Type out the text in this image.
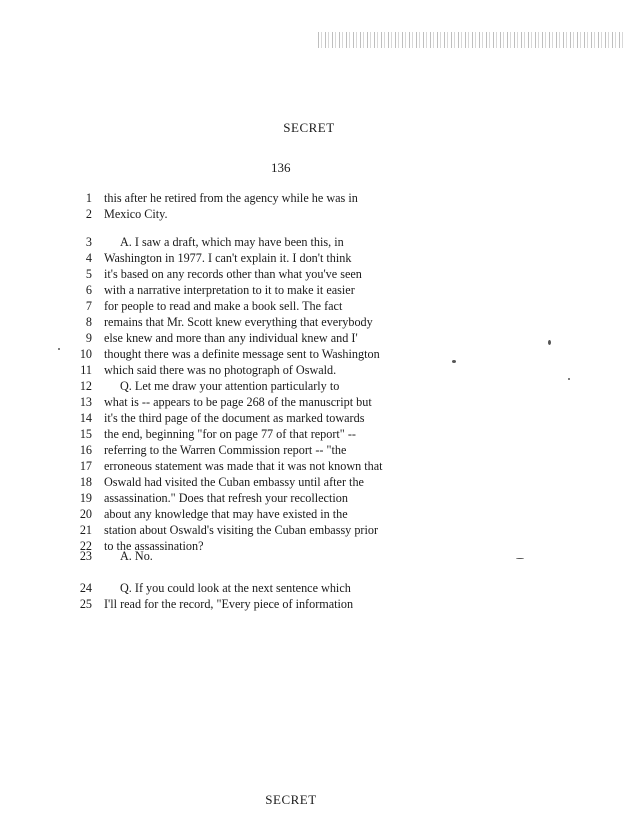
SECRET
136
1 this after he retired from the agency while he was in
2 Mexico City.
3 A. I saw a draft, which may have been this, in
4 Washington in 1977. I can't explain it. I don't think
5 it's based on any records other than what you've seen
6 with a narrative interpretation to it to make it easier
7 for people to read and make a book sell. The fact
8 remains that Mr. Scott knew everything that everybody
9 else knew and more than any individual knew and I'
10 thought there was a definite message sent to Washington
11 which said there was no photograph of Oswald.
12 Q. Let me draw your attention particularly to
13 what is -- appears to be page 268 of the manuscript but
14 it's the third page of the document as marked towards
15 the end, beginning "for on page 77 of that report" --
16 referring to the Warren Commission report -- "the
17 erroneous statement was made that it was not known that
18 Oswald had visited the Cuban embassy until after the
19 assassination." Does that refresh your recollection
20 about any knowledge that may have existed in the
21 station about Oswald's visiting the Cuban embassy prior
22 to the assassination?
23 A. No.
24 Q. If you could look at the next sentence which
25 I'll read for the record, "Every piece of information
SECRET
